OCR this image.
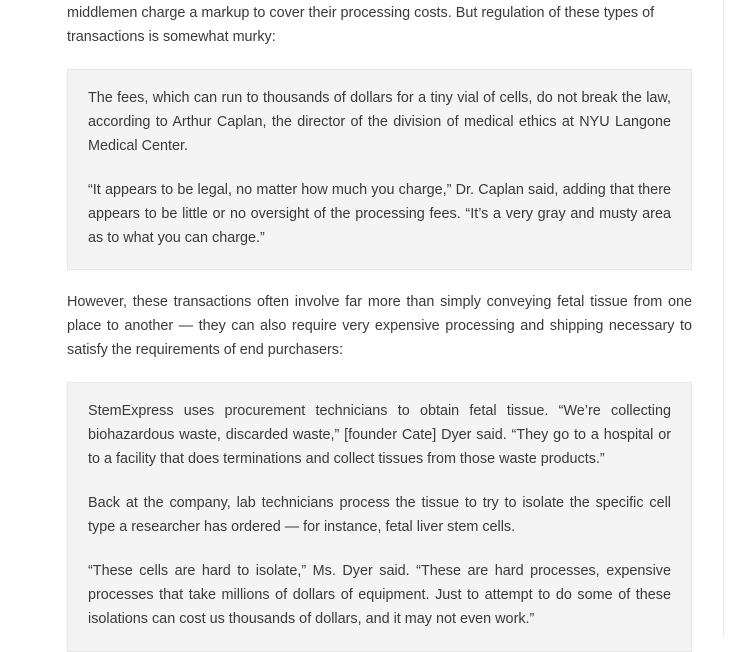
middlemen charge a markup to cover their processing costs. But regulation of these types of

transactions is somewhat murky:

The fees, which can run to thousands of dollars for a tiny vial of cells, do not break the law, according to Arthur Caplan, the director of the division of medical ethics at NYU Langone Medical Center.

“It appears to be legal, no matter how much you charge,” Dr. Caplan said, adding that there appears to be little or no oversight of the processing fees. “It’s a very gray and musty area as to what you can charge.”

However, these transactions often involve far more than simply conveying fetal tissue from one place to another — they can also require very expensive processing and shipping necessary to satisfy the requirements of end purchasers:

StemExpress uses procurement technicians to obtain fetal tissue. “We’re collecting biohazardous waste, discarded waste,” [founder Cate] Dyer said. “They go to a hospital or to a facility that does terminations and collect tissues from those waste products.”

Back at the company, lab technicians process the tissue to try to isolate the specific cell type a researcher has ordered — for instance, fetal liver stem cells.

“These cells are hard to isolate,” Ms. Dyer said. “These are hard processes, expensive processes that take millions of dollars of equipment. Just to attempt to do some of these isolations can cost us thousands of dollars, and it may not even work.”
